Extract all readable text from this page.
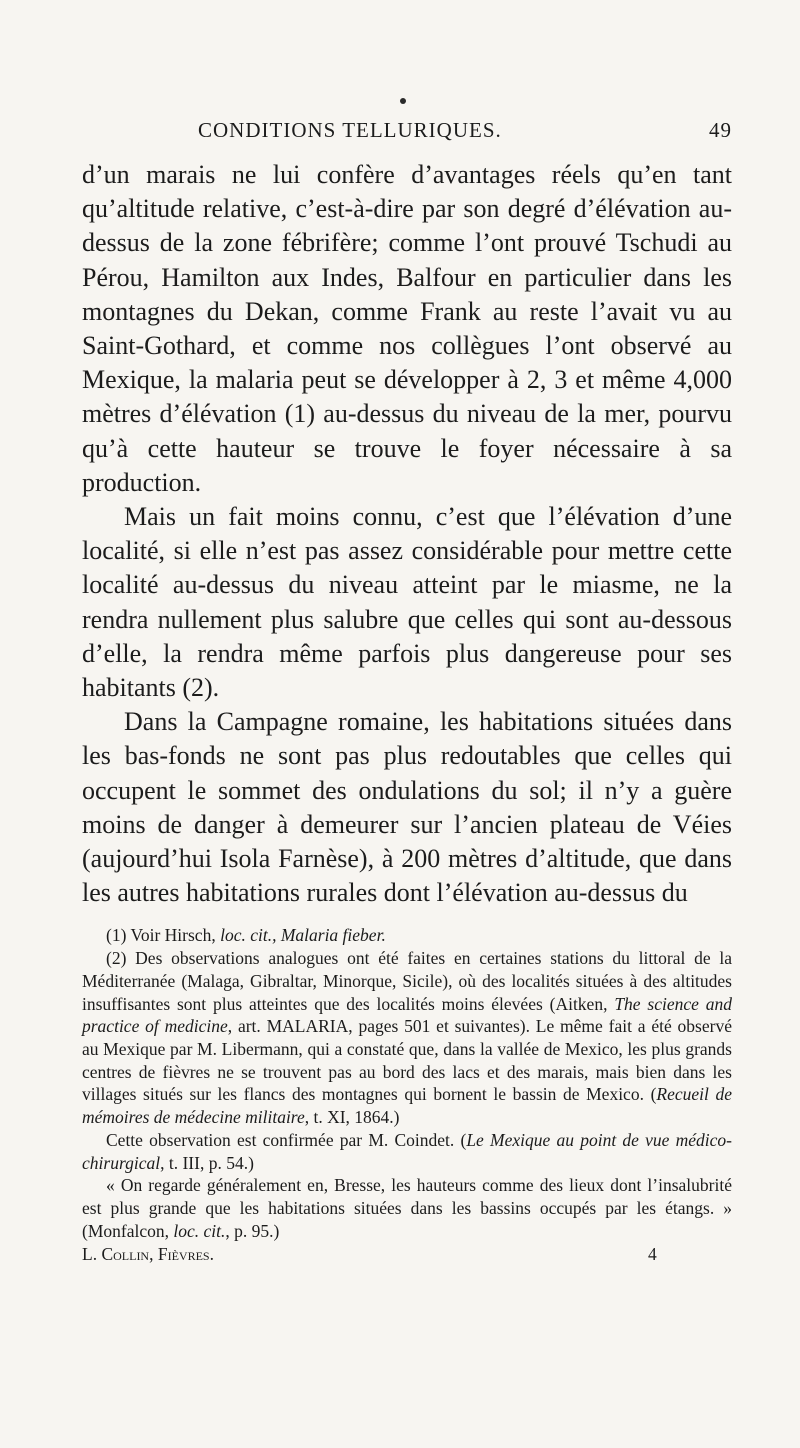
CONDITIONS TELLURIQUES.	49

d’un marais ne lui confère d’avantages réels qu’en tant qu’altitude relative, c’est-à-dire par son degré d’élévation au-dessus de la zone fébrifère; comme l’ont prouvé Tschudi au Pérou, Hamilton aux Indes, Balfour en particulier dans les montagnes du Dekan, comme Frank au reste l’avait vu au Saint-Gothard, et comme nos collègues l’ont observé au Mexique, la malaria peut se développer à 2, 3 et même 4,000 mètres d’élévation (1) au-dessus du niveau de la mer, pourvu qu’à cette hauteur se trouve le foyer nécessaire à sa production.

Mais un fait moins connu, c’est que l’élévation d’une localité, si elle n’est pas assez considérable pour mettre cette localité au-dessus du niveau atteint par le miasme, ne la rendra nullement plus salubre que celles qui sont au-dessous d’elle, la rendra même parfois plus dangereuse pour ses habitants (2).

Dans la Campagne romaine, les habitations situées dans les bas-fonds ne sont pas plus redoutables que celles qui occupent le sommet des ondulations du sol; il n’y a guère moins de danger à demeurer sur l’ancien plateau de Véies (aujourd’hui Isola Farnèse), à 200 mètres d’altitude, que dans les autres habitations rurales dont l’élévation au-dessus du

(1) Voir Hirsch, loc. cit., Malaria fieber.

(2) Des observations analogues ont été faites en certaines stations du littoral de la Méditerranée (Malaga, Gibraltar, Minorque, Sicile), où des localités situées à des altitudes insuffisantes sont plus atteintes que des localités moins élevées (Aitken, The science and practice of medicine, art. MALARIA, pages 501 et suivantes). Le même fait a été observé au Mexique par M. Libermann, qui a constaté que, dans la vallée de Mexico, les plus grands centres de fièvres ne se trouvent pas au bord des lacs et des marais, mais bien dans les villages situés sur les flancs des montagnes qui bornent le bassin de Mexico. (Recueil de mémoires de médecine militaire, t. XI, 1864.)

Cette observation est confirmée par M. Coindet. (Le Mexique au point de vue médico-chirurgical, t. III, p. 54.)

« On regarde généralement en, Bresse, les hauteurs comme des lieux dont l’insalubrité est plus grande que les habitations situées dans les bassins occupés par les étangs. » (Monfalcon, loc. cit., p. 95.)

L. Collin, Fièvres.	4
